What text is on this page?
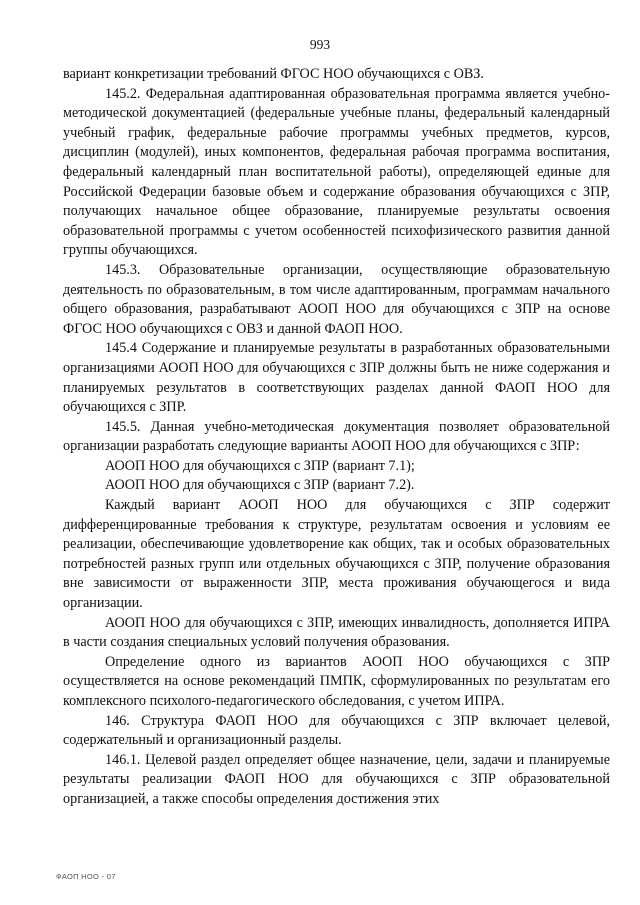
993

вариант конкретизации требований ФГОС НОО обучающихся с ОВЗ.

145.2. Федеральная адаптированная образовательная программа является учебно-методической документацией (федеральные учебные планы, федеральный календарный учебный график, федеральные рабочие программы учебных предметов, курсов, дисциплин (модулей), иных компонентов, федеральная рабочая программа воспитания, федеральный календарный план воспитательной работы), определяющей единые для Российской Федерации базовые объем и содержание образования обучающихся с ЗПР, получающих начальное общее образование, планируемые результаты освоения образовательной программы с учетом особенностей психофизического развития данной группы обучающихся.

145.3. Образовательные организации, осуществляющие образовательную деятельность по образовательным, в том числе адаптированным, программам начального общего образования, разрабатывают АООП НОО для обучающихся с ЗПР на основе ФГОС НОО обучающихся с ОВЗ и данной ФАОП НОО.

145.4 Содержание и планируемые результаты в разработанных образовательными организациями АООП НОО для обучающихся с ЗПР должны быть не ниже содержания и планируемых результатов в соответствующих разделах данной ФАОП НОО для обучающихся с ЗПР.

145.5. Данная учебно-методическая документация позволяет образовательной организации разработать следующие варианты АООП НОО для обучающихся с ЗПР:

АООП НОО для обучающихся с ЗПР (вариант 7.1);

АООП НОО для обучающихся с ЗПР (вариант 7.2).

Каждый вариант АООП НОО для обучающихся с ЗПР содержит дифференцированные требования к структуре, результатам освоения и условиям ее реализации, обеспечивающие удовлетворение как общих, так и особых образовательных потребностей разных групп или отдельных обучающихся с ЗПР, получение образования вне зависимости от выраженности ЗПР, места проживания обучающегося и вида организации.

АООП НОО для обучающихся с ЗПР, имеющих инвалидность, дополняется ИПРА в части создания специальных условий получения образования.

Определение одного из вариантов АООП НОО обучающихся с ЗПР осуществляется на основе рекомендаций ПМПК, сформулированных по результатам его комплексного психолого-педагогического обследования, с учетом ИПРА.

146. Структура ФАОП НОО для обучающихся с ЗПР включает целевой, содержательный и организационный разделы.

146.1. Целевой раздел определяет общее назначение, цели, задачи и планируемые результаты реализации ФАОП НОО для обучающихся с ЗПР образовательной организацией, а также способы определения достижения этих

ФАОП НОО - 07
